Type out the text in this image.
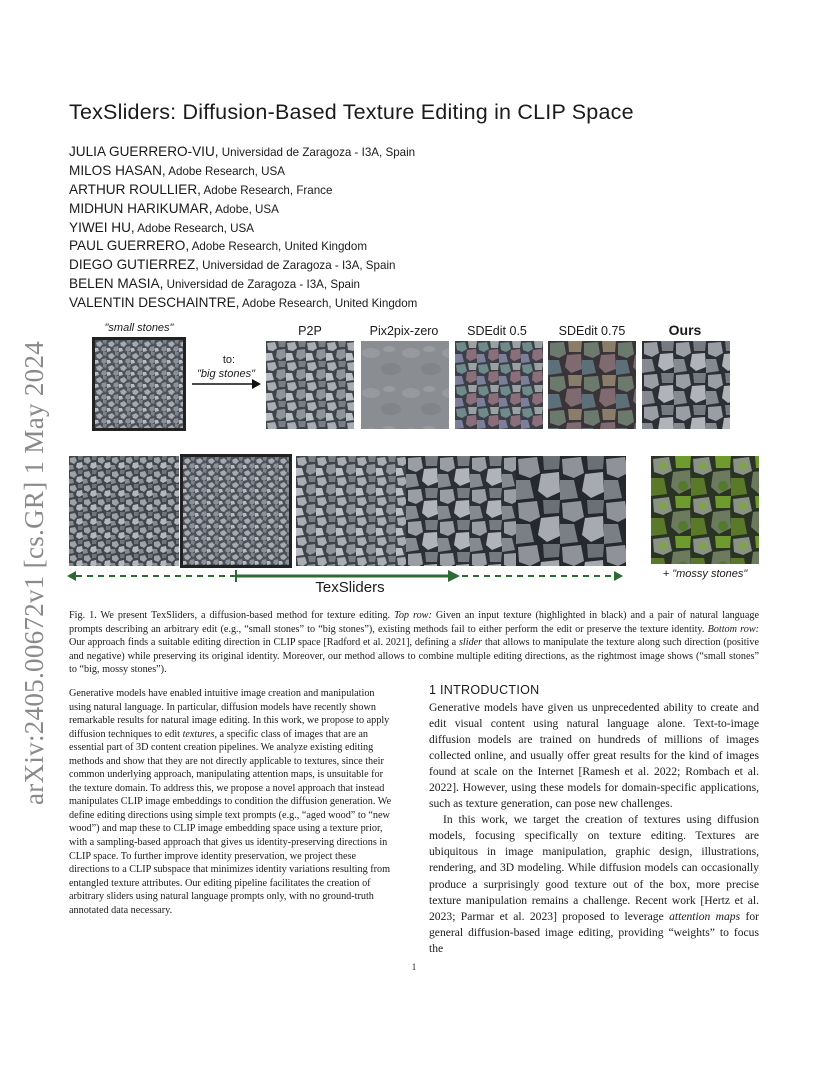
TexSliders: Diffusion-Based Texture Editing in CLIP Space
JULIA GUERRERO-VIU, Universidad de Zaragoza - I3A, Spain
MILOS HASAN, Adobe Research, USA
ARTHUR ROULLIER, Adobe Research, France
MIDHUN HARIKUMAR, Adobe, USA
YIWEI HU, Adobe Research, USA
PAUL GUERRERO, Adobe Research, United Kingdom
DIEGO GUTIERREZ, Universidad de Zaragoza - I3A, Spain
BELEN MASIA, Universidad de Zaragoza - I3A, Spain
VALENTIN DESCHAINTRE, Adobe Research, United Kingdom
arXiv:2405.00672v1 [cs.GR] 1 May 2024
"small stones"
to:
"big stones"
P2P	Pix2pix-zero	SDEdit 0.5	SDEdit 0.75	Ours
TexSliders
+ "mossy stones"
Fig. 1. We present TexSliders, a diffusion-based method for texture editing. Top row: Given an input texture (highlighted in black) and a pair of natural language prompts describing an arbitrary edit (e.g., “small stones” to “big stones”), existing methods fail to either perform the edit or preserve the texture identity. Bottom row: Our approach finds a suitable editing direction in CLIP space [Radford et al. 2021], defining a slider that allows to manipulate the texture along such direction (positive and negative) while preserving its original identity. Moreover, our method allows to combine multiple editing directions, as the rightmost image shows (“small stones” to “big, mossy stones”).
Generative models have enabled intuitive image creation and manipulation using natural language. In particular, diffusion models have recently shown remarkable results for natural image editing. In this work, we propose to apply diffusion techniques to edit textures, a specific class of images that are an essential part of 3D content creation pipelines. We analyze existing editing methods and show that they are not directly applicable to textures, since their common underlying approach, manipulating attention maps, is unsuitable for the texture domain. To address this, we propose a novel approach that instead manipulates CLIP image embeddings to condition the diffusion generation. We define editing directions using simple text prompts (e.g., “aged wood” to “new wood”) and map these to CLIP image embedding space using a texture prior, with a sampling-based approach that gives us identity-preserving directions in CLIP space. To further improve identity preservation, we project these directions to a CLIP subspace that minimizes identity variations resulting from entangled texture attributes. Our editing pipeline facilitates the creation of arbitrary sliders using natural language prompts only, with no ground-truth annotated data necessary.
1 INTRODUCTION

Generative models have given us unprecedented ability to create and edit visual content using natural language alone. Text-to-image diffusion models are trained on hundreds of millions of images collected online, and usually offer great results for the kind of images found at scale on the Internet [Ramesh et al. 2022; Rombach et al. 2022]. However, using these models for domain-specific applications, such as texture generation, can pose new challenges.

In this work, we target the creation of textures using diffusion models, focusing specifically on texture editing. Textures are ubiquitous in image manipulation, graphic design, illustrations, rendering, and 3D modeling. While diffusion models can occasionally produce a surprisingly good texture out of the box, more precise texture manipulation remains a challenge. Recent work [Hertz et al. 2023; Parmar et al. 2023] proposed to leverage attention maps for general diffusion-based image editing, providing “weights” to focus the

1
